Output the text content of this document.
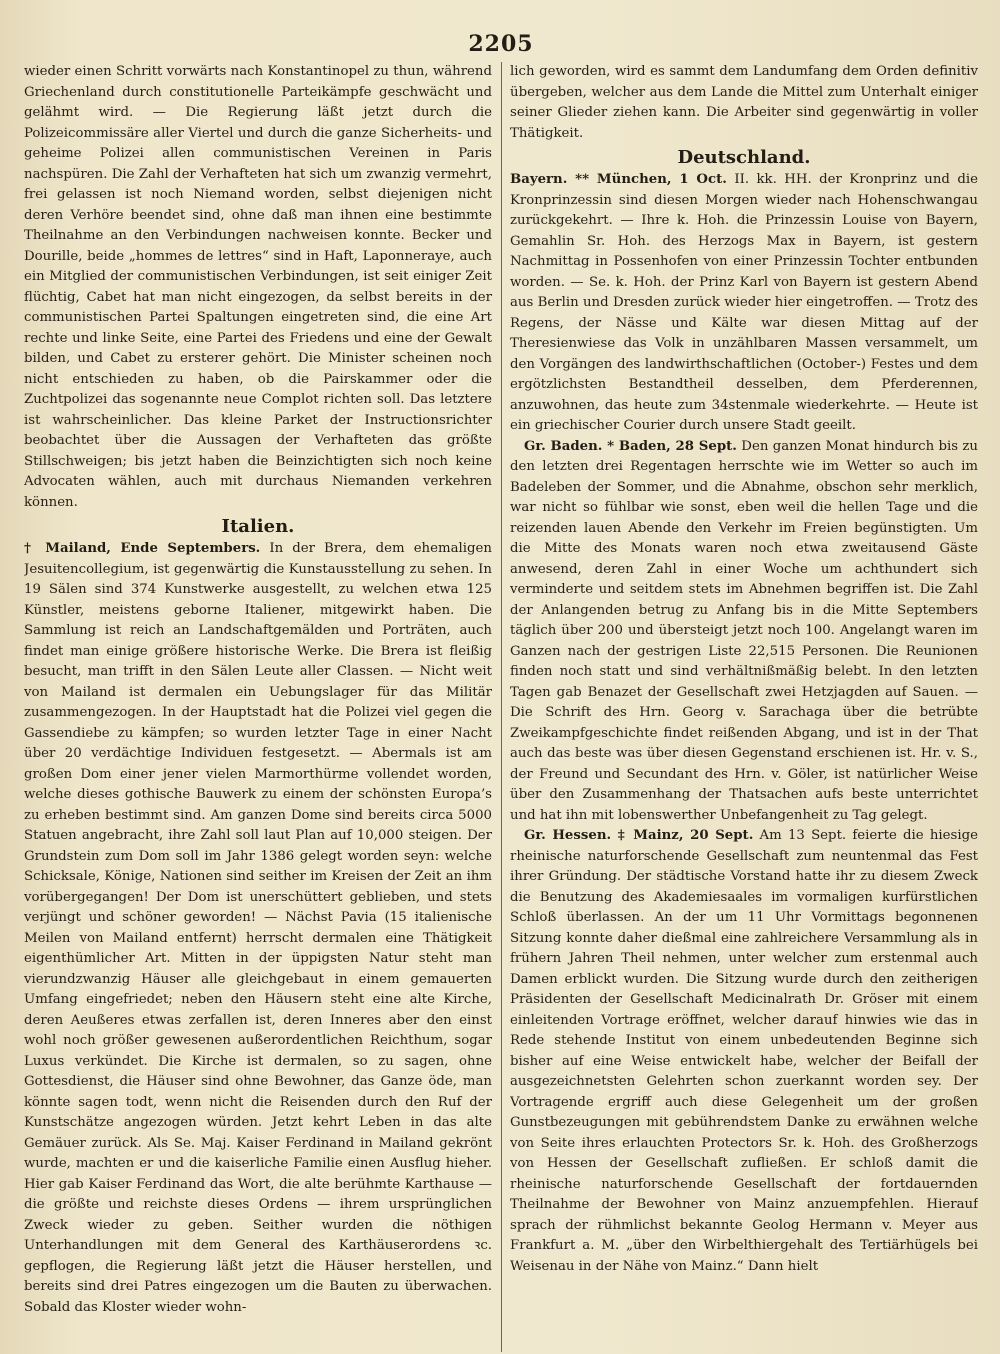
2205

wieder einen Schritt vorwärts nach Konstantinopel zu thun, während Griechenland durch constitutionelle Parteikämpfe geschwächt und gelähmt wird. — Die Regierung läßt jetzt durch die Polizeicommissäre aller Viertel und durch die ganze Sicherheits- und geheime Polizei allen communistischen Vereinen in Paris nachspüren. Die Zahl der Verhafteten hat sich um zwanzig vermehrt, frei gelassen ist noch Niemand worden, selbst diejenigen nicht deren Verhöre beendet sind, ohne daß man ihnen eine bestimmte Theilnahme an den Verbindungen nachweisen konnte. Becker und Dourille, beide „hommes de lettres“ sind in Haft, Laponneraye, auch ein Mitglied der communistischen Verbindungen, ist seit einiger Zeit flüchtig, Cabet hat man nicht eingezogen, da selbst bereits in der communistischen Partei Spaltungen eingetreten sind, die eine Art rechte und linke Seite, eine Partei des Friedens und eine der Gewalt bilden, und Cabet zu ersterer gehört. Die Minister scheinen noch nicht entschieden zu haben, ob die Pairskammer oder die Zuchtpolizei das sogenannte neue Complot richten soll. Das letztere ist wahrscheinlicher. Das kleine Parket der Instructionsrichter beobachtet über die Aussagen der Verhafteten das größte Stillschweigen; bis jetzt haben die Beinzichtigten sich noch keine Advocaten wählen, auch mit durchaus Niemanden verkehren können.

Italien.

† Mailand, Ende Septembers. In der Brera, dem ehemaligen Jesuitencollegium, ist gegenwärtig die Kunstausstellung zu sehen. In 19 Sälen sind 374 Kunstwerke ausgestellt, zu welchen etwa 125 Künstler, meistens geborne Italiener, mitgewirkt haben. Die Sammlung ist reich an Landschaftgemälden und Porträten, auch findet man einige größere historische Werke. Die Brera ist fleißig besucht, man trifft in den Sälen Leute aller Classen. — Nicht weit von Mailand ist dermalen ein Uebungslager für das Militär zusammengezogen. In der Hauptstadt hat die Polizei viel gegen die Gassendiebe zu kämpfen; so wurden letzter Tage in einer Nacht über 20 verdächtige Individuen festgesetzt. — Abermals ist am großen Dom einer jener vielen Marmorthürme vollendet worden, welche dieses gothische Bauwerk zu einem der schönsten Europa’s zu erheben bestimmt sind. Am ganzen Dome sind bereits circa 5000 Statuen angebracht, ihre Zahl soll laut Plan auf 10,000 steigen. Der Grundstein zum Dom soll im Jahr 1386 gelegt worden seyn: welche Schicksale, Könige, Nationen sind seither im Kreisen der Zeit an ihm vorübergegangen! Der Dom ist unerschüttert geblieben, und stets verjüngt und schöner geworden! — Nächst Pavia (15 italienische Meilen von Mailand entfernt) herrscht dermalen eine Thätigkeit eigenthümlicher Art. Mitten in der üppigsten Natur steht man vierundzwanzig Häuser alle gleichgebaut in einem gemauerten Umfang eingefriedet; neben den Häusern steht eine alte Kirche, deren Aeußeres etwas zerfallen ist, deren Inneres aber den einst wohl noch größer gewesenen außerordentlichen Reichthum, sogar Luxus verkündet. Die Kirche ist dermalen, so zu sagen, ohne Gottesdienst, die Häuser sind ohne Bewohner, das Ganze öde, man könnte sagen todt, wenn nicht die Reisenden durch den Ruf der Kunstschätze angezogen würden. Jetzt kehrt Leben in das alte Gemäuer zurück. Als Se. Maj. Kaiser Ferdinand in Mailand gekrönt wurde, machten er und die kaiserliche Familie einen Ausflug hieher. Hier gab Kaiser Ferdinand das Wort, die alte berühmte Karthause — die größte und reichste dieses Ordens — ihrem ursprünglichen Zweck wieder zu geben. Seither wurden die nöthigen Unterhandlungen mit dem General des Karthäuserordens ꝛc. gepflogen, die Regierung läßt jetzt die Häuser herstellen, und bereits sind drei Patres eingezogen um die Bauten zu überwachen. Sobald das Kloster wieder wohn-

lich geworden, wird es sammt dem Landumfang dem Orden definitiv übergeben, welcher aus dem Lande die Mittel zum Unterhalt einiger seiner Glieder ziehen kann. Die Arbeiter sind gegenwärtig in voller Thätigkeit.

Deutschland.

Bayern. ** München, 1 Oct. II. kk. HH. der Kronprinz und die Kronprinzessin sind diesen Morgen wieder nach Hohenschwangau zurückgekehrt. — Ihre k. Hoh. die Prinzessin Louise von Bayern, Gemahlin Sr. Hoh. des Herzogs Max in Bayern, ist gestern Nachmittag in Possenhofen von einer Prinzessin Tochter entbunden worden. — Se. k. Hoh. der Prinz Karl von Bayern ist gestern Abend aus Berlin und Dresden zurück wieder hier eingetroffen. — Trotz des Regens, der Nässe und Kälte war diesen Mittag auf der Theresienwiese das Volk in unzählbaren Massen versammelt, um den Vorgängen des landwirthschaftlichen (October-) Festes und dem ergötzlichsten Bestandtheil desselben, dem Pferderennen, anzuwohnen, das heute zum 34stenmale wiederkehrte. — Heute ist ein griechischer Courier durch unsere Stadt geeilt.

Gr. Baden. * Baden, 28 Sept. Den ganzen Monat hindurch bis zu den letzten drei Regentagen herrschte wie im Wetter so auch im Badeleben der Sommer, und die Abnahme, obschon sehr merklich, war nicht so fühlbar wie sonst, eben weil die hellen Tage und die reizenden lauen Abende den Verkehr im Freien begünstigten. Um die Mitte des Monats waren noch etwa zweitausend Gäste anwesend, deren Zahl in einer Woche um achthundert sich verminderte und seitdem stets im Abnehmen begriffen ist. Die Zahl der Anlangenden betrug zu Anfang bis in die Mitte Septembers täglich über 200 und übersteigt jetzt noch 100. Angelangt waren im Ganzen nach der gestrigen Liste 22,515 Personen. Die Reunionen finden noch statt und sind verhältnißmäßig belebt. In den letzten Tagen gab Benazet der Gesellschaft zwei Hetzjagden auf Sauen. — Die Schrift des Hrn. Georg v. Sarachaga über die betrübte Zweikampfgeschichte findet reißenden Abgang, und ist in der That auch das beste was über diesen Gegenstand erschienen ist. Hr. v. S., der Freund und Secundant des Hrn. v. Göler, ist natürlicher Weise über den Zusammenhang der Thatsachen aufs beste unterrichtet und hat ihn mit lobenswerther Unbefangenheit zu Tag gelegt.

Gr. Hessen. ‡ Mainz, 20 Sept. Am 13 Sept. feierte die hiesige rheinische naturforschende Gesellschaft zum neuntenmal das Fest ihrer Gründung. Der städtische Vorstand hatte ihr zu diesem Zweck die Benutzung des Akademiesaales im vormaligen kurfürstlichen Schloß überlassen. An der um 11 Uhr Vormittags begonnenen Sitzung konnte daher dießmal eine zahlreichere Versammlung als in frühern Jahren Theil nehmen, unter welcher zum erstenmal auch Damen erblickt wurden. Die Sitzung wurde durch den zeitherigen Präsidenten der Gesellschaft Medicinalrath Dr. Gröser mit einem einleitenden Vortrage eröffnet, welcher darauf hinwies wie das in Rede stehende Institut von einem unbedeutenden Beginne sich bisher auf eine Weise entwickelt habe, welcher der Beifall der ausgezeichnetsten Gelehrten schon zuerkannt worden sey. Der Vortragende ergriff auch diese Gelegenheit um der großen Gunstbezeugungen mit gebührendstem Danke zu erwähnen welche von Seite ihres erlauchten Protectors Sr. k. Hoh. des Großherzogs von Hessen der Gesellschaft zufließen. Er schloß damit die rheinische naturforschende Gesellschaft der fortdauernden Theilnahme der Bewohner von Mainz anzuempfehlen. Hierauf sprach der rühmlichst bekannte Geolog Hermann v. Meyer aus Frankfurt a. M. „über den Wirbelthiergehalt des Tertiärhügels bei Weisenau in der Nähe von Mainz.“ Dann hielt
